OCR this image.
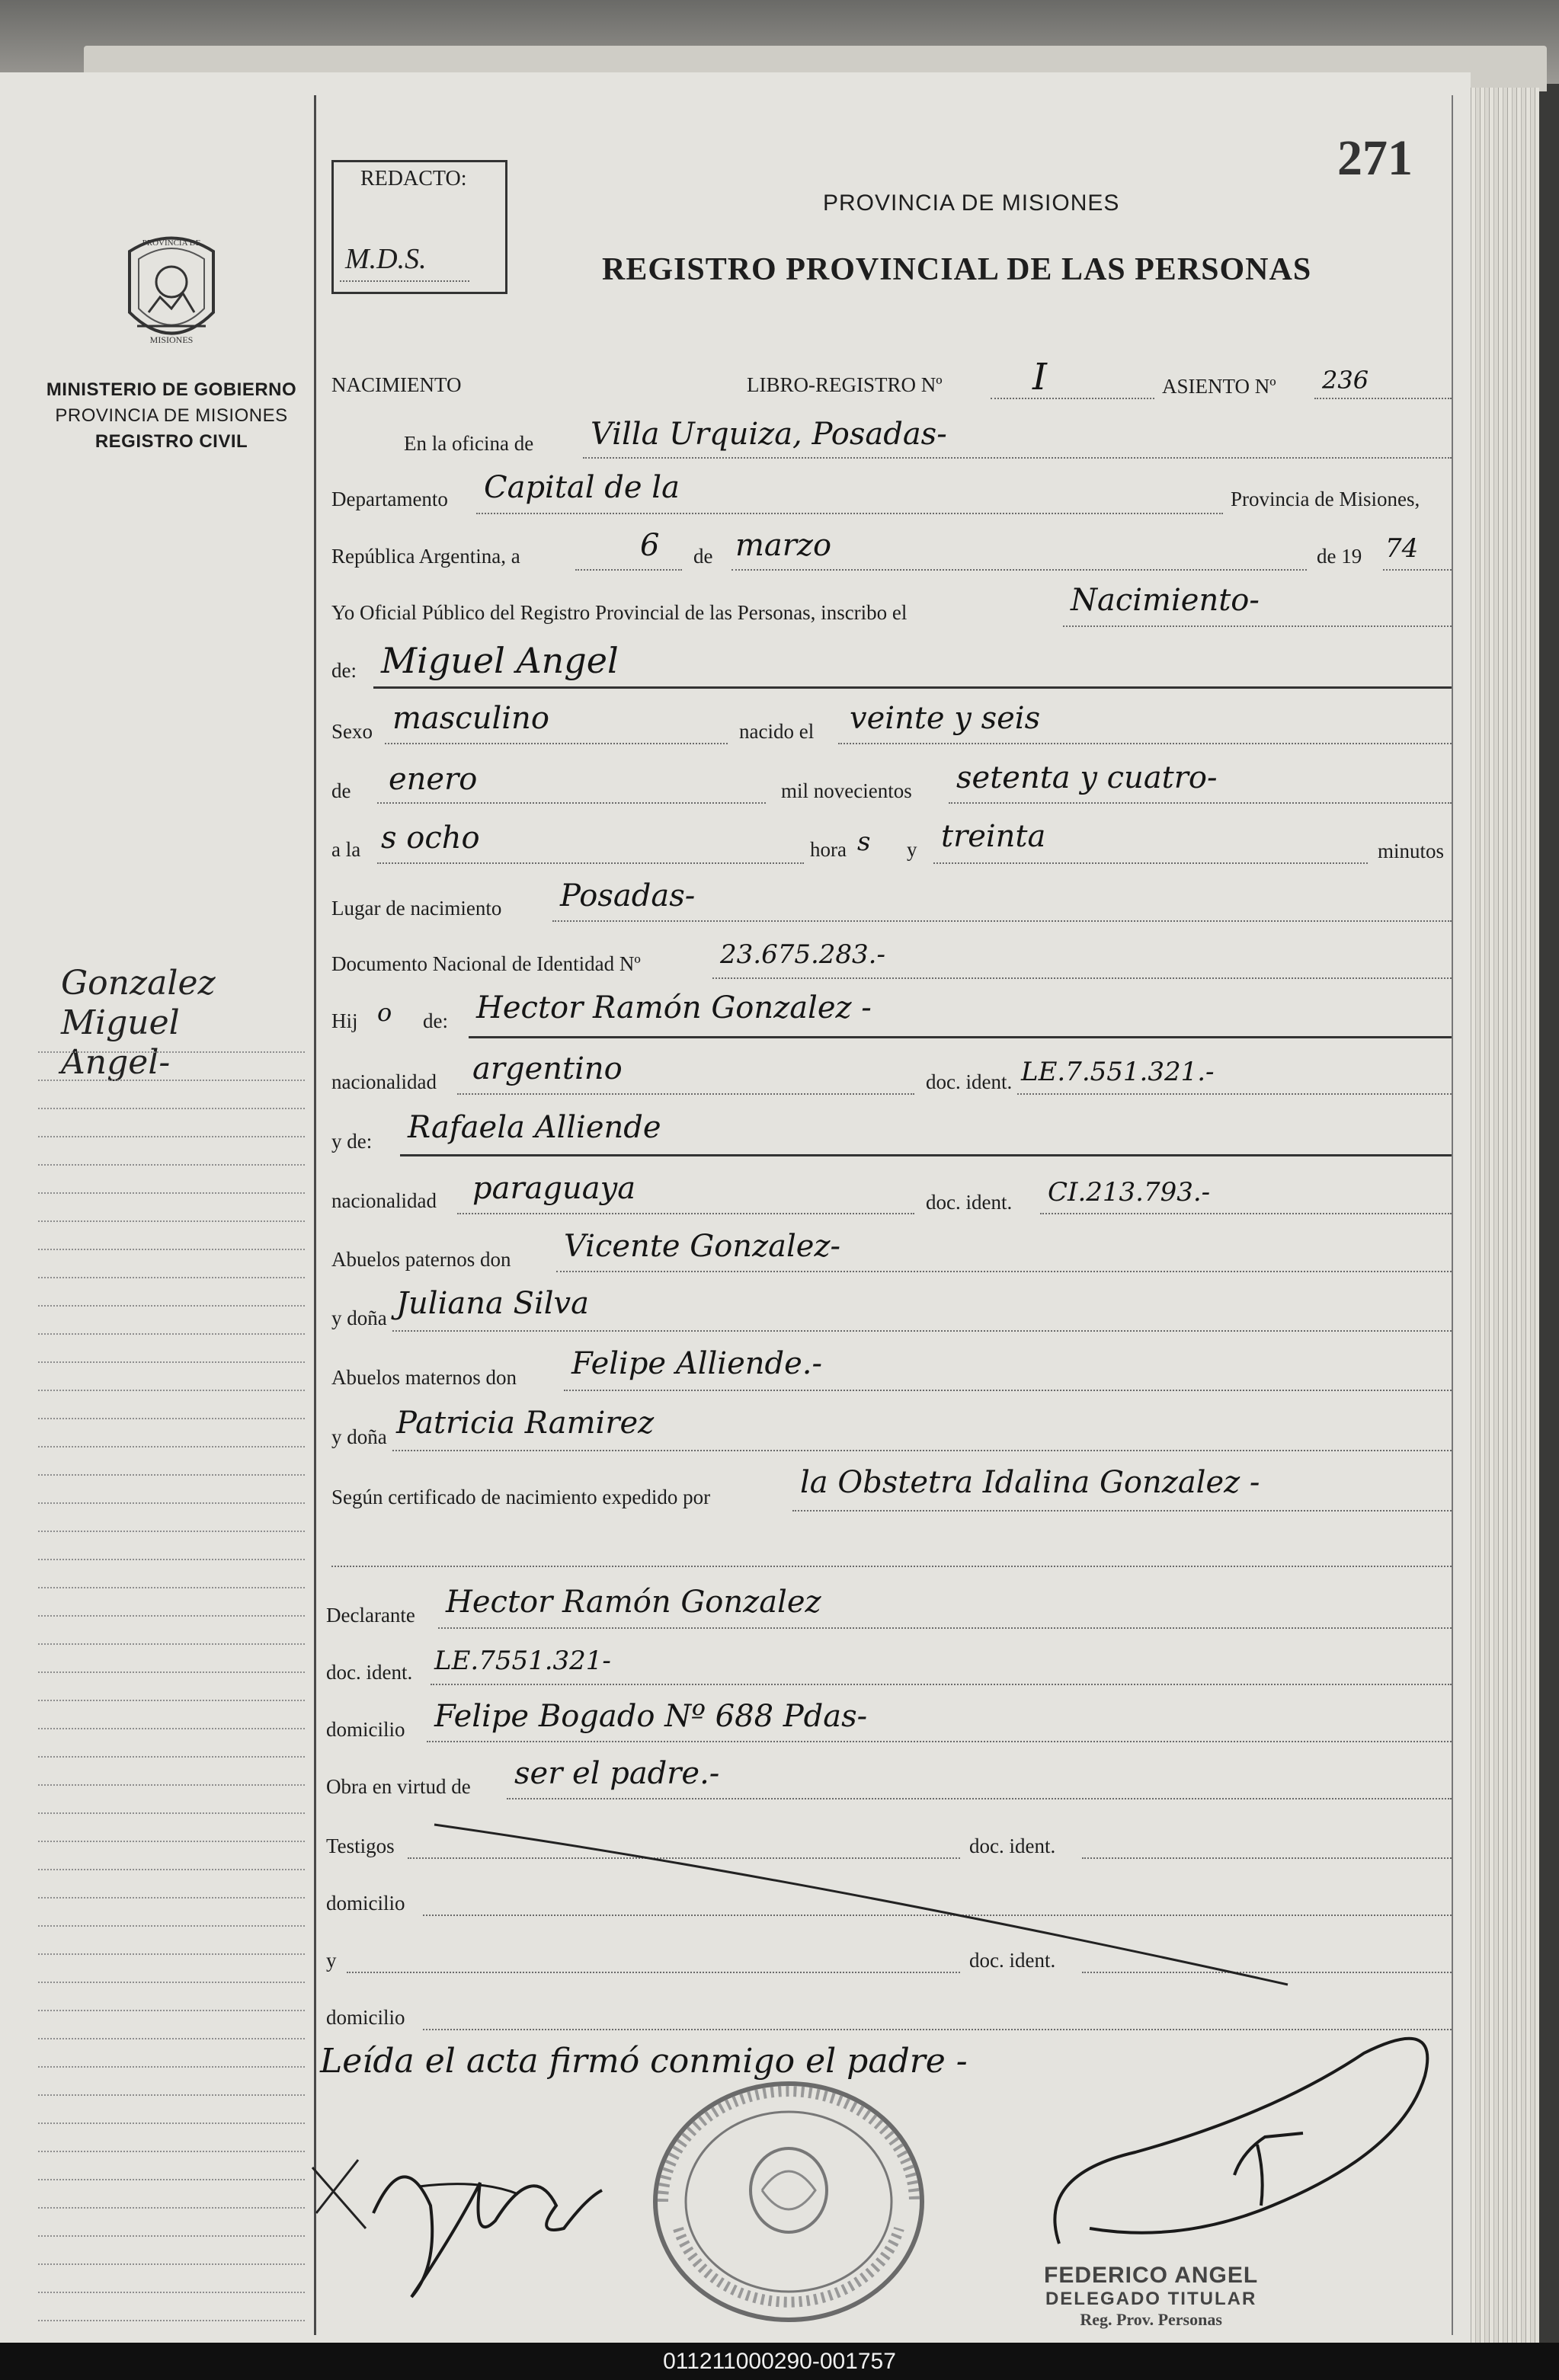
PROVINCIA DE
MISIONES
MINISTERIO DE GOBIERNO
PROVINCIA DE MISIONES
REGISTRO CIVIL
Gonzalez
Miguel
Angel-
REDACTO:
M.D.S.
271
PROVINCIA DE MISIONES
REGISTRO PROVINCIAL DE LAS PERSONAS
NACIMIENTO	LIBRO-REGISTRO Nº I	ASIENTO Nº 236
En la oficina de Villa Urquiza, Posadas-
Departamento Capital de la	Provincia de Misiones,
República Argentina, a	6 de marzo	de 19 74
Yo Oficial Público del Registro Provincial de las Personas, inscribo el	Nacimiento-
de: Miguel Angel
Sexo masculino	nacido el veinte y seis
de enero	mil novecientos setenta y cuatro-
a la s ocho	hora s y treinta	minutos
Lugar de nacimiento Posadas-
Documento Nacional de Identidad Nº	23.675.283.-
Hij o de: Hector Ramón Gonzalez -
nacionalidad argentino	doc. ident. LE.7.551.321.-
y de: Rafaela Alliende
nacionalidad paraguaya	doc. ident. CI.213.793.-
Abuelos paternos don Vicente Gonzalez-
y doña Juliana Silva
Abuelos maternos don Felipe Alliende.-
y doña Patricia Ramirez
Según certificado de nacimiento expedido por	la Obstetra Idalina Gonzalez -
Declarante Hector Ramón Gonzalez
doc. ident. LE.7551.321-
domicilio Felipe Bogado Nº 688 Pdas-
Obra en virtud de ser el padre.-
Testigos	doc. ident.
domicilio
y	doc. ident.
domicilio
Leída el acta firmó conmigo el padre -
FEDERICO ANGEL
DELEGADO TITULAR
Reg. Prov. Personas
011211000290-001757
